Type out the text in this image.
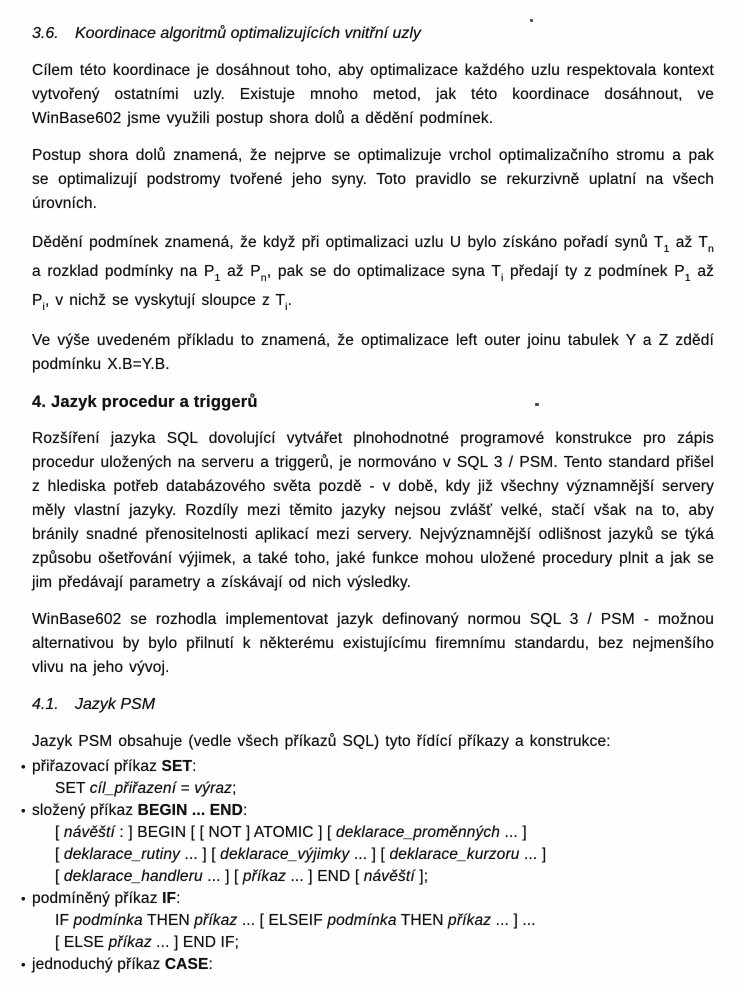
3.6.	Koordinace algoritmů optimalizujících vnitřní uzly

Cílem této koordinace je dosáhnout toho, aby optimalizace každého uzlu respektovala kontext vytvořený ostatními uzly. Existuje mnoho metod, jak této koordinace dosáhnout, ve WinBase602 jsme využili postup shora dolů a dědění podmínek.

Postup shora dolů znamená, že nejprve se optimalizuje vrchol optimalizačního stromu a pak se optimalizují podstromy tvořené jeho syny. Toto pravidlo se rekurzivně uplatní na všech úrovních.

Dědění podmínek znamená, že když při optimalizaci uzlu U bylo získáno pořadí synů $T_1$ až $T_n$ a rozklad podmínky na $P_1$ až $P_n$, pak se do optimalizace syna $T_i$ předají ty z podmínek $P_1$ až $P_i$, v nichž se vyskytují sloupce z $T_i$.

Ve výše uvedeném příkladu to znamená, že optimalizace left outer joinu tabulek Y a Z zdědí podmínku X.B=Y.B.

4. Jazyk procedur a triggerů

Rozšíření jazyka SQL dovolující vytvářet plnohodnotné programové konstrukce pro zápis procedur uložených na serveru a triggerů, je normováno v SQL 3 / PSM. Tento standard přišel z hlediska potřeb databázového světa pozdě - v době, kdy již všechny významnější servery měly vlastní jazyky. Rozdíly mezi těmito jazyky nejsou zvlášť velké, stačí však na to, aby bránily snadné přenositelnosti aplikací mezi servery. Nejvýznamnější odlišnost jazyků se týká způsobu ošetřování výjimek, a také toho, jaké funkce mohou uložené procedury plnit a jak se jim předávají parametry a získávají od nich výsledky.

WinBase602 se rozhodla implementovat jazyk definovaný normou SQL 3 / PSM - možnou alternativou by bylo přilnutí k některému existujícímu firemnímu standardu, bez nejmenšího vlivu na jeho vývoj.

4.1.	Jazyk PSM

Jazyk PSM obsahuje (vedle všech příkazů SQL) tyto řídící příkazy a konstrukce:

• přiřazovací příkaz SET:
SET cíl_přiřazení = výraz;
• složený příkaz BEGIN ... END:
[ návěští : ] BEGIN [ [ NOT ] ATOMIC ] [ deklarace_proměnných ... ]
[ deklarace_rutiny ... ] [ deklarace_výjimky ... ] [ deklarace_kurzoru ... ]
[ deklarace_handleru ... ] [ příkaz ... ] END [ návěští ];
• podmíněný příkaz IF:
IF podmínka THEN příkaz ... [ ELSEIF podmínka THEN příkaz ... ] ...
[ ELSE příkaz ... ] END IF;
• jednoduchý příkaz CASE:
